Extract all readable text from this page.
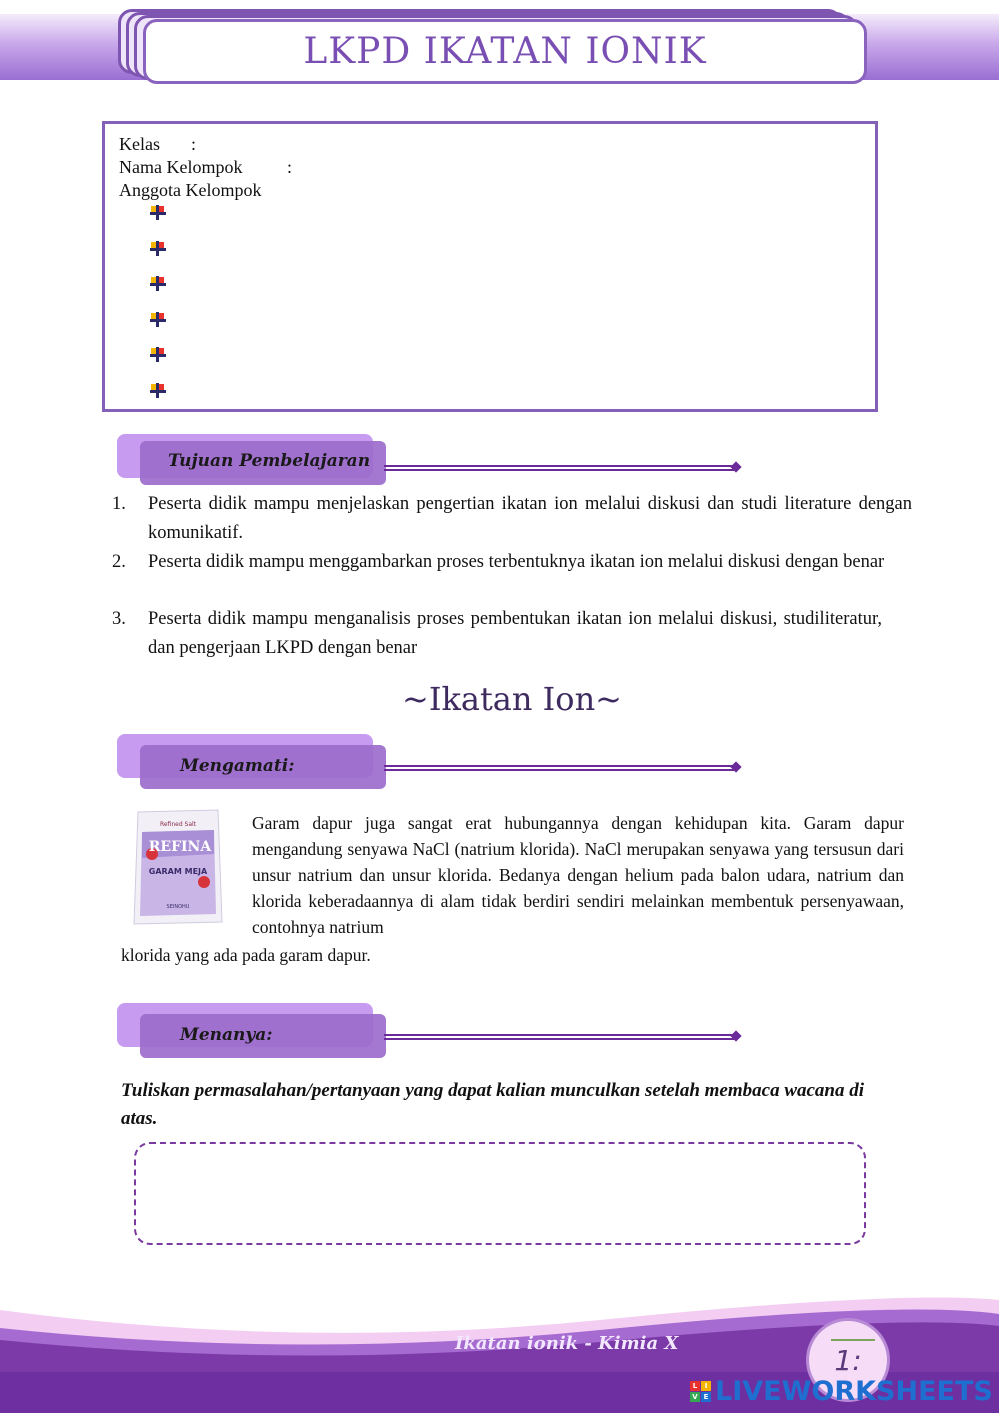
LKPD IKATAN IONIK
Kelas :
Nama Kelompok :
Anggota Kelompok
Tujuan Pembelajaran
1. Peserta didik mampu menjelaskan pengertian ikatan ion melalui diskusi dan studi literature dengan komunikatif.
2. Peserta didik mampu menggambarkan proses terbentuknya ikatan ion melalui diskusi dengan benar
3. Peserta didik mampu menganalisis proses pembentukan ikatan ion melalui diskusi, studiliteratur, dan pengerjaan LKPD dengan benar
~Ikatan Ion~
Mengamati:
Refined Salt
REFINA
GARAM MEJA
SEINOHU
Garam dapur juga sangat erat hubungannya dengan kehidupan kita. Garam dapur mengandung senyawa NaCl (natrium klorida). NaCl merupakan senyawa yang tersusun dari unsur natrium dan unsur klorida. Bedanya dengan helium pada balon udara, natrium dan klorida keberadaannya di alam tidak berdiri sendiri melainkan membentuk persenyawaan, contohnya natrium
klorida yang ada pada garam dapur.
Menanya:
Tuliskan permasalahan/pertanyaan yang dapat kalian munculkan setelah membaca wacana di atas.
Ikatan ionik - Kimia X	1:
L	I
V E LIVEWORKSHEETS
